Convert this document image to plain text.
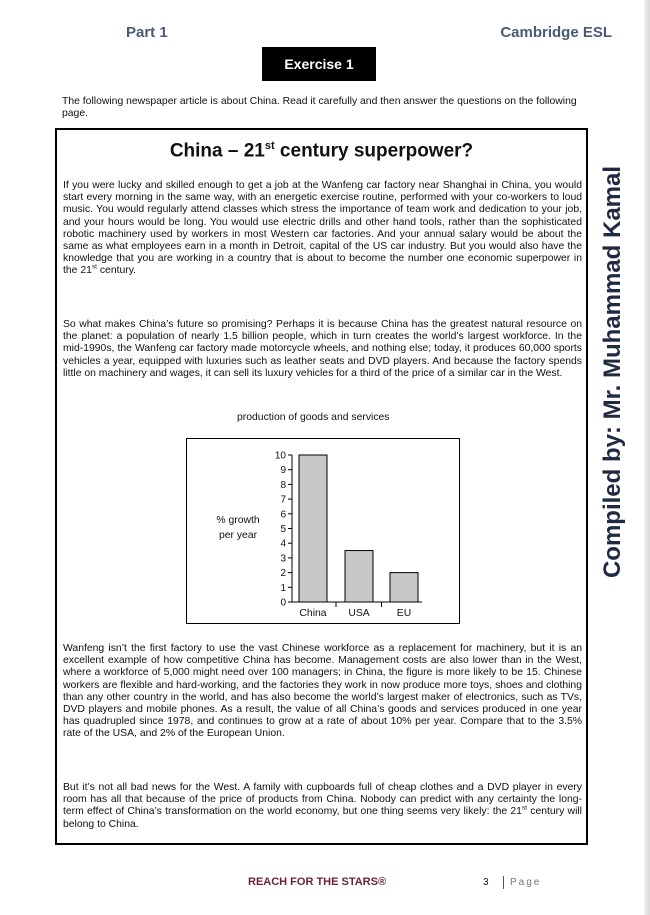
Part 1	Cambridge ESL
Exercise 1
The following newspaper article is about China. Read it carefully and then answer the questions on the following page.
China – 21st century superpower?
If you were lucky and skilled enough to get a job at the Wanfeng car factory near Shanghai in China, you would start every morning in the same way, with an energetic exercise routine, performed with your co-workers to loud music. You would regularly attend classes which stress the importance of team work and dedication to your job, and your hours would be long. You would use electric drills and other hand tools, rather than the sophisticated robotic machinery used by workers in most Western car factories. And your annual salary would be about the same as what employees earn in a month in Detroit, capital of the US car industry. But you would also have the knowledge that you are working in a country that is about to become the number one economic superpower in the 21st century.
So what makes China’s future so promising? Perhaps it is because China has the greatest natural resource on the planet: a population of nearly 1.5 billion people, which in turn creates the world’s largest workforce. In the mid-1990s, the Wanfeng car factory made motorcycle wheels, and nothing else; today, it produces 60,000 sports vehicles a year, equipped with luxuries such as leather seats and DVD players. And because the factory spends little on machinery and wages, it can sell its luxury vehicles for a third of the price of a similar car in the West.
production of goods and services
% growth
per year
0
1
2
3
4
5
6
7
8
9
10
China USA	EU
Wanfeng isn’t the first factory to use the vast Chinese workforce as a replacement for machinery, but it is an excellent example of how competitive China has become. Management costs are also lower than in the West, where a workforce of 5,000 might need over 100 managers; in China, the figure is more likely to be 15. Chinese workers are flexible and hard-working, and the factories they work in now produce more toys, shoes and clothing than any other country in the world, and has also become the world’s largest maker of electronics, such as TVs, DVD players and mobile phones. As a result, the value of all China’s goods and services produced in one year has quadrupled since 1978, and continues to grow at a rate of about 10% per year. Compare that to the 3.5% rate of the USA, and 2% of the European Union.
But it’s not all bad news for the West. A family with cupboards full of cheap clothes and a DVD player in every room has all that because of the price of products from China. Nobody can predict with any certainty the long-term effect of China’s transformation on the world economy, but one thing seems very likely: the 21st century will belong to China.
Compiled by: Mr. Muhammad Kamal
REACH FOR THE STARS®	3 Page
